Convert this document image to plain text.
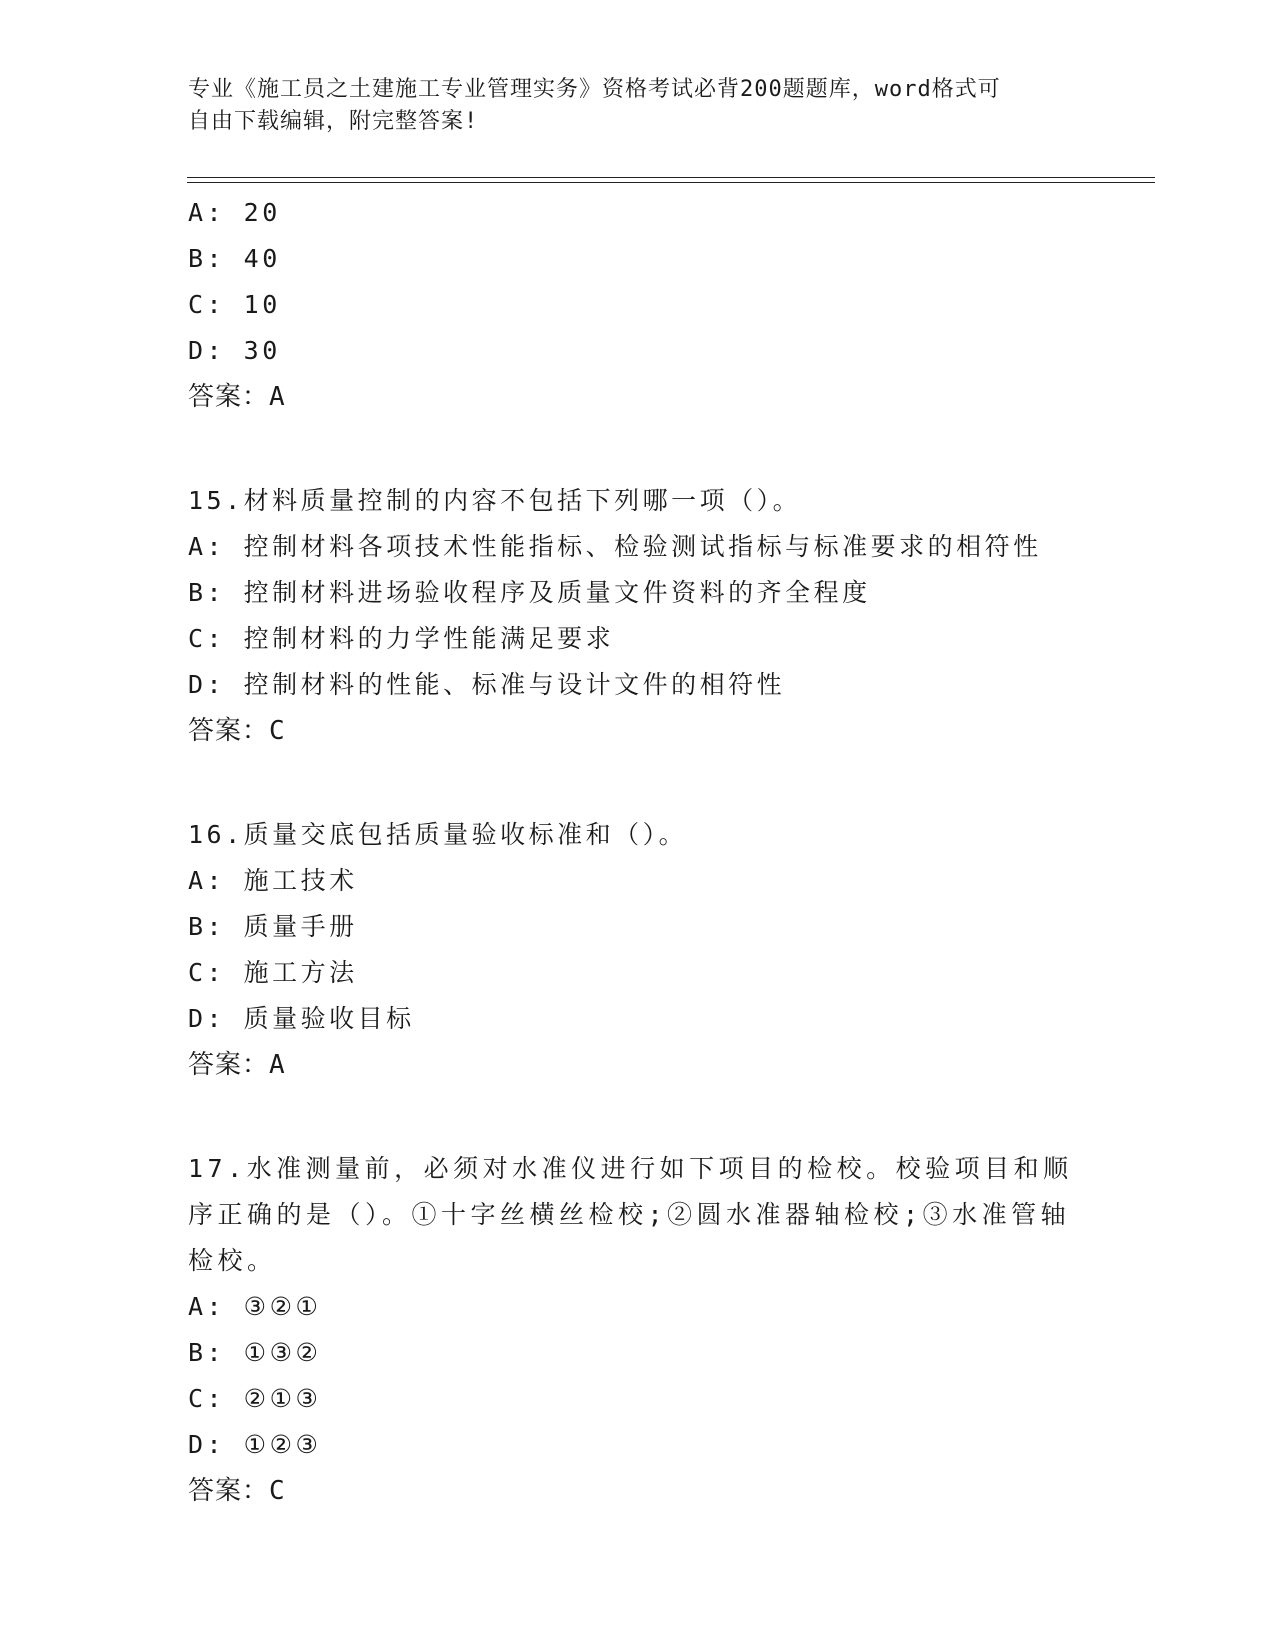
专业《施工员之土建施工专业管理实务》资格考试必背200题题库，word格式可
自由下载编辑，附完整答案!
A: 20
B: 40
C: 10
D: 30
答案：A
15.材料质量控制的内容不包括下列哪一项（）。
A: 控制材料各项技术性能指标、检验测试指标与标准要求的相符性
B: 控制材料进场验收程序及质量文件资料的齐全程度
C: 控制材料的力学性能满足要求
D: 控制材料的性能、标准与设计文件的相符性
答案：C
16.质量交底包括质量验收标准和（）。
A: 施工技术
B: 质量手册
C: 施工方法
D: 质量验收目标
答案：A
17.水准测量前，必须对水准仪进行如下项目的检校。校验项目和顺序正确的是（）。①十字丝横丝检校;②圆水准器轴检校;③水准管轴检校。
A: ③②①
B: ①③②
C: ②①③
D: ①②③
答案：C
